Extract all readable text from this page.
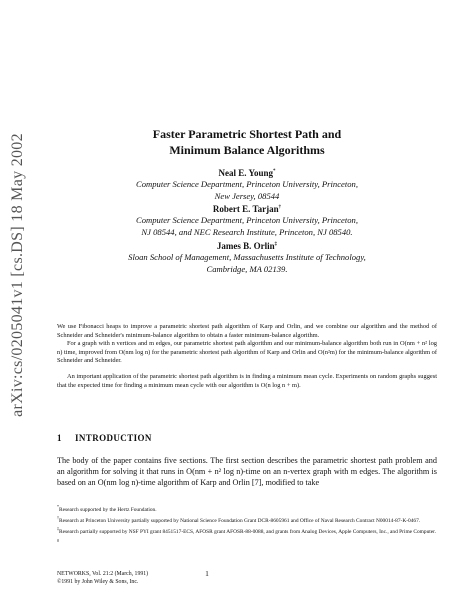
arXiv:cs/0205041v1 [cs.DS] 18 May 2002	Faster Parametric Shortest Path and
Minimum Balance Algorithms
Neal E. Young*
Computer Science Department, Princeton University, Princeton,
New Jersey, 08544
Robert E. Tarjan†
Computer Science Department, Princeton University, Princeton,
NJ 08544, and NEC Research Institute, Princeton, NJ 08540.
James B. Orlin‡
Sloan School of Management, Massachusetts Institute of Technology,
Cambridge, MA 02139.

We use Fibonacci heaps to improve a parametric shortest path algorithm of Karp and Orlin, and we combine our algorithm and the method of Schneider and Schneider's minimum-balance algorithm to obtain a faster minimum-balance algorithm.

For a graph with n vertices and m edges, our parametric shortest path algorithm and our minimum-balance algorithm both run in O(nm + n² log n) time, improved from O(nm log n) for the parametric shortest path algorithm of Karp and Orlin and O(n²m) for the minimum-balance algorithm of Schneider and Schneider.

An important application of the parametric shortest path algorithm is in finding a minimum mean cycle. Experiments on random graphs suggest that the expected time for finding a minimum mean cycle with our algorithm is O(n log n + m).

1 INTRODUCTION
The body of the paper contains five sections. The first section describes the parametric shortest path problem and an algorithm for solving it that runs in O(nm + n² log n)-time on an n-vertex graph with m edges. The algorithm is based on an O(nm log n)-time algorithm of Karp and Orlin [7], modified to take

*Research supported by the Hertz Foundation.

†Research at Princeton University partially supported by National Science Foundation Grant DCR-8605961 and Office of Naval Research Contract N00014-87-K-0467.

‡Research partially supported by NSF PYI grant 8451517-ECS, AFOSR grant AFOSR-88-0088, and grants from Analog Devices, Apple Computers, Inc., and Prime Computer.

$^0$

1
NETWORKS, Vol. 21:2 (March, 1991)
©1991 by John Wiley & Sons, Inc.
